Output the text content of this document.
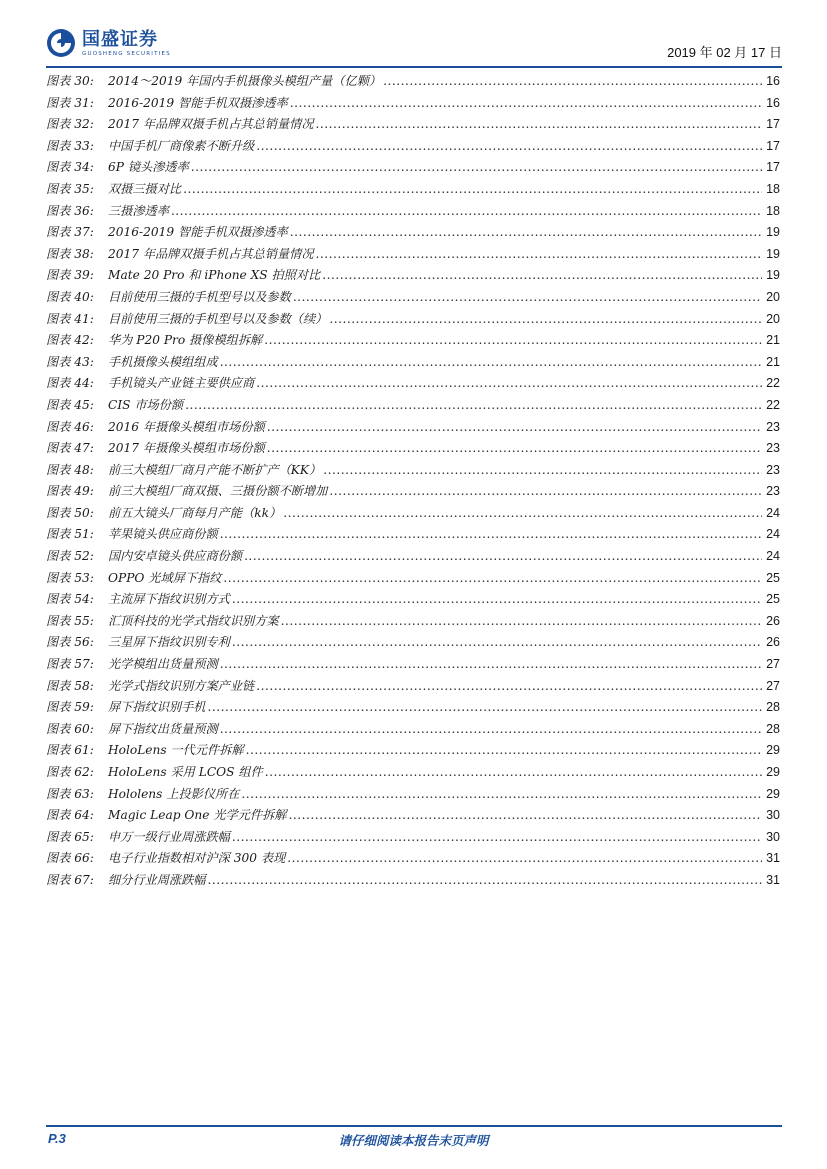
国盛证券
GUOSHENG SECURITIES	2019 年 02 月 17 日
图表 30:	2014～2019 年国内手机摄像头模组产量（亿颗） .....	16
图表 31:	2016-2019 智能手机双摄渗透率 .....	16
图表 32:	2017 年品牌双摄手机占其总销量情况 .....	17
图表 33:	中国手机厂商像素不断升级 .....	17
图表 34:	6P 镜头渗透率 .....	17
图表 35:	双摄三摄对比 .....	18
图表 36:	三摄渗透率 .....	18
图表 37:	2016-2019 智能手机双摄渗透率 .....	19
图表 38:	2017 年品牌双摄手机占其总销量情况 .....	19
图表 39:	Mate 20 Pro 和 iPhone XS 拍照对比 .....	19
图表 40:	目前使用三摄的手机型号以及参数 .....	20
图表 41:	目前使用三摄的手机型号以及参数（续） .....	20
图表 42:	华为 P20 Pro 摄像模组拆解 .....	21
图表 43:	手机摄像头模组组成 .....	21
图表 44:	手机镜头产业链主要供应商 .....	22
图表 45:	CIS 市场份额 .....	22
图表 46:	2016 年摄像头模组市场份额 .....	23
图表 47:	2017 年摄像头模组市场份额 .....	23
图表 48:	前三大模组厂商月产能不断扩产（KK） .....	23
图表 49:	前三大模组厂商双摄、三摄份额不断增加 .....	23
图表 50:	前五大镜头厂商每月产能（kk） .....	24
图表 51:	苹果镜头供应商份额 .....	24
图表 52:	国内安卓镜头供应商份额 .....	24
图表 53:	OPPO 光域屏下指纹 .....	25
图表 54:	主流屏下指纹识别方式 .....	25
图表 55:	汇顶科技的光学式指纹识别方案 .....	26
图表 56:	三星屏下指纹识别专利 .....	26
图表 57:	光学模组出货量预测 .....	27
图表 58:	光学式指纹识别方案产业链 .....	27
图表 59:	屏下指纹识别手机 .....	28
图表 60:	屏下指纹出货量预测 .....	28
图表 61:	HoloLens 一代元件拆解 .....	29
图表 62:	HoloLens 采用 LCOS 组件 .....	29
图表 63:	Hololens 上投影仪所在 .....	29
图表 64:	Magic Leap One 光学元件拆解 .....	30
图表 65:	申万一级行业周涨跌幅 .....	30
图表 66:	电子行业指数相对沪深 300 表现 .....	31
图表 67:	细分行业周涨跌幅 .....	31
P.3	请仔细阅读本报告末页声明
